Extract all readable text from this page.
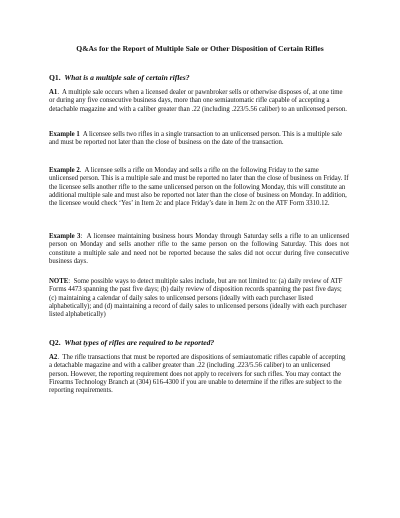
Q&As for the Report of Multiple Sale or Other Disposition of Certain Rifles
Q1.  What is a multiple sale of certain rifles?

A1.  A multiple sale occurs when a licensed dealer or pawnbroker sells or otherwise disposes of, at one time or during any five consecutive business days, more than one semiautomatic rifle capable of accepting a detachable magazine and with a caliber greater than .22 (including .223/5.56 caliber) to an unlicensed person.

Example 1 A licensee sells two rifles in a single transaction to an unlicensed person. This is a multiple sale and must be reported not later than the close of business on the date of the transaction.

Example 2.  A licensee sells a rifle on Monday and sells a rifle on the following Friday to the same unlicensed person. This is a multiple sale and must be reported no later than the close of business on Friday. If the licensee sells another rifle to the same unlicensed person on the following Monday, this will constitute an additional multiple sale and must also be reported not later than the close of business on Monday. In addition, the licensee would check ‘Yes’ in Item 2c and place Friday’s date in Item 2c on the ATF Form 3310.12.

Example 3:  A licensee maintaining business hours Monday through Saturday sells a rifle to an unlicensed person on Monday and sells another rifle to the same person on the following Saturday. This does not constitute a multiple sale and need not be reported because the sales did not occur during five consecutive business days.

NOTE:  Some possible ways to detect multiple sales include, but are not limited to: (a) daily review of ATF Forms 4473 spanning the past five days; (b) daily review of disposition records spanning the past five days; (c) maintaining a calendar of daily sales to unlicensed persons (ideally with each purchaser listed alphabetically); and (d) maintaining a record of daily sales to unlicensed persons (ideally with each purchaser listed alphabetically)

Q2.  What types of rifles are required to be reported?

A2.  The rifle transactions that must be reported are dispositions of semiautomatic rifles capable of accepting a detachable magazine and with a caliber greater than .22 (including .223/5.56 caliber) to an unlicensed person. However, the reporting requirement does not apply to receivers for such rifles. You may contact the Firearms Technology Branch at (304) 616-4300 if you are unable to determine if the rifles are subject to the reporting requirements.
